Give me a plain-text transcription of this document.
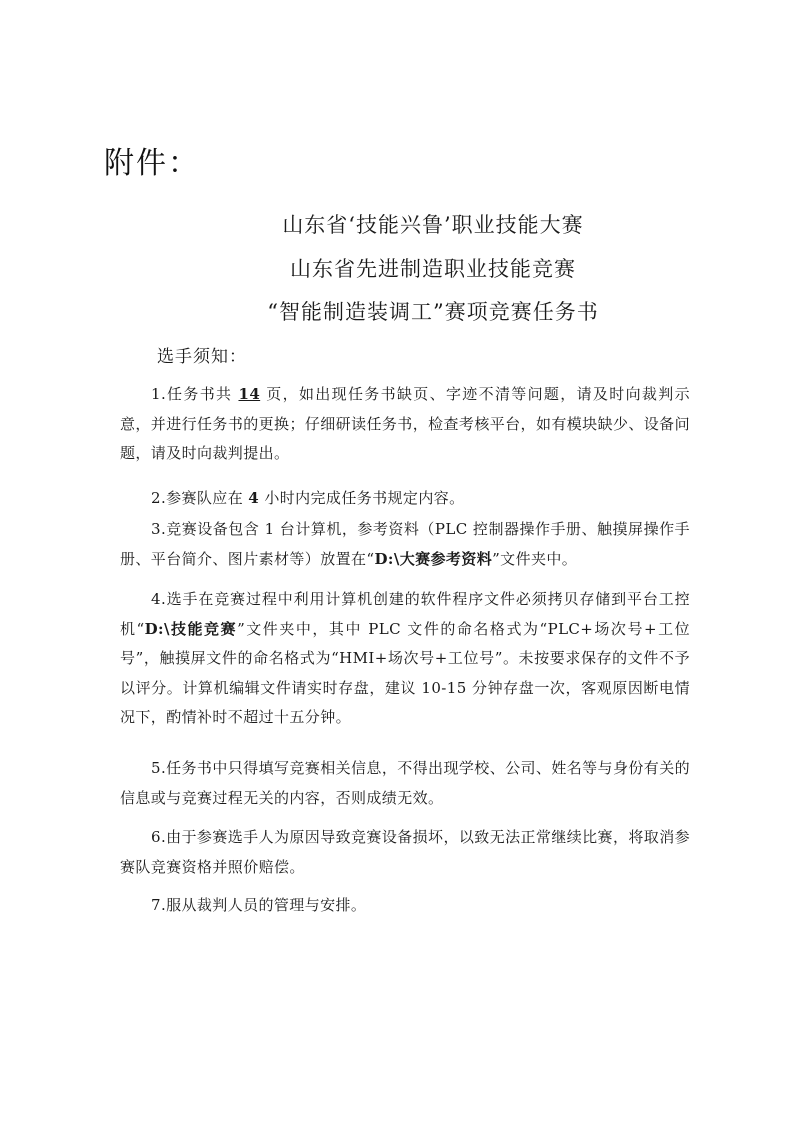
附件：
山东省‘技能兴鲁’职业技能大赛
山东省先进制造职业技能竞赛
“智能制造装调工”赛项竞赛任务书
选手须知：
1.任务书共 14 页，如出现任务书缺页、字迹不清等问题，请及时向裁判示意，并进行任务书的更换；仔细研读任务书，检查考核平台，如有模块缺少、设备问题，请及时向裁判提出。
2.参赛队应在 4 小时内完成任务书规定内容。
3.竞赛设备包含 1 台计算机，参考资料（PLC 控制器操作手册、触摸屏操作手册、平台简介、图片素材等）放置在“D:\大赛参考资料”文件夹中。
4.选手在竞赛过程中利用计算机创建的软件程序文件必须拷贝存储到平台工控机“D:\技能竞赛”文件夹中，其中 PLC 文件的命名格式为“PLC+场次号+工位号”，触摸屏文件的命名格式为“HMI+场次号+工位号”。未按要求保存的文件不予以评分。计算机编辑文件请实时存盘，建议 10-15 分钟存盘一次，客观原因断电情况下，酌情补时不超过十五分钟。
5.任务书中只得填写竞赛相关信息，不得出现学校、公司、姓名等与身份有关的信息或与竞赛过程无关的内容，否则成绩无效。
6.由于参赛选手人为原因导致竞赛设备损坏，以致无法正常继续比赛，将取消参赛队竞赛资格并照价赔偿。
7.服从裁判人员的管理与安排。
